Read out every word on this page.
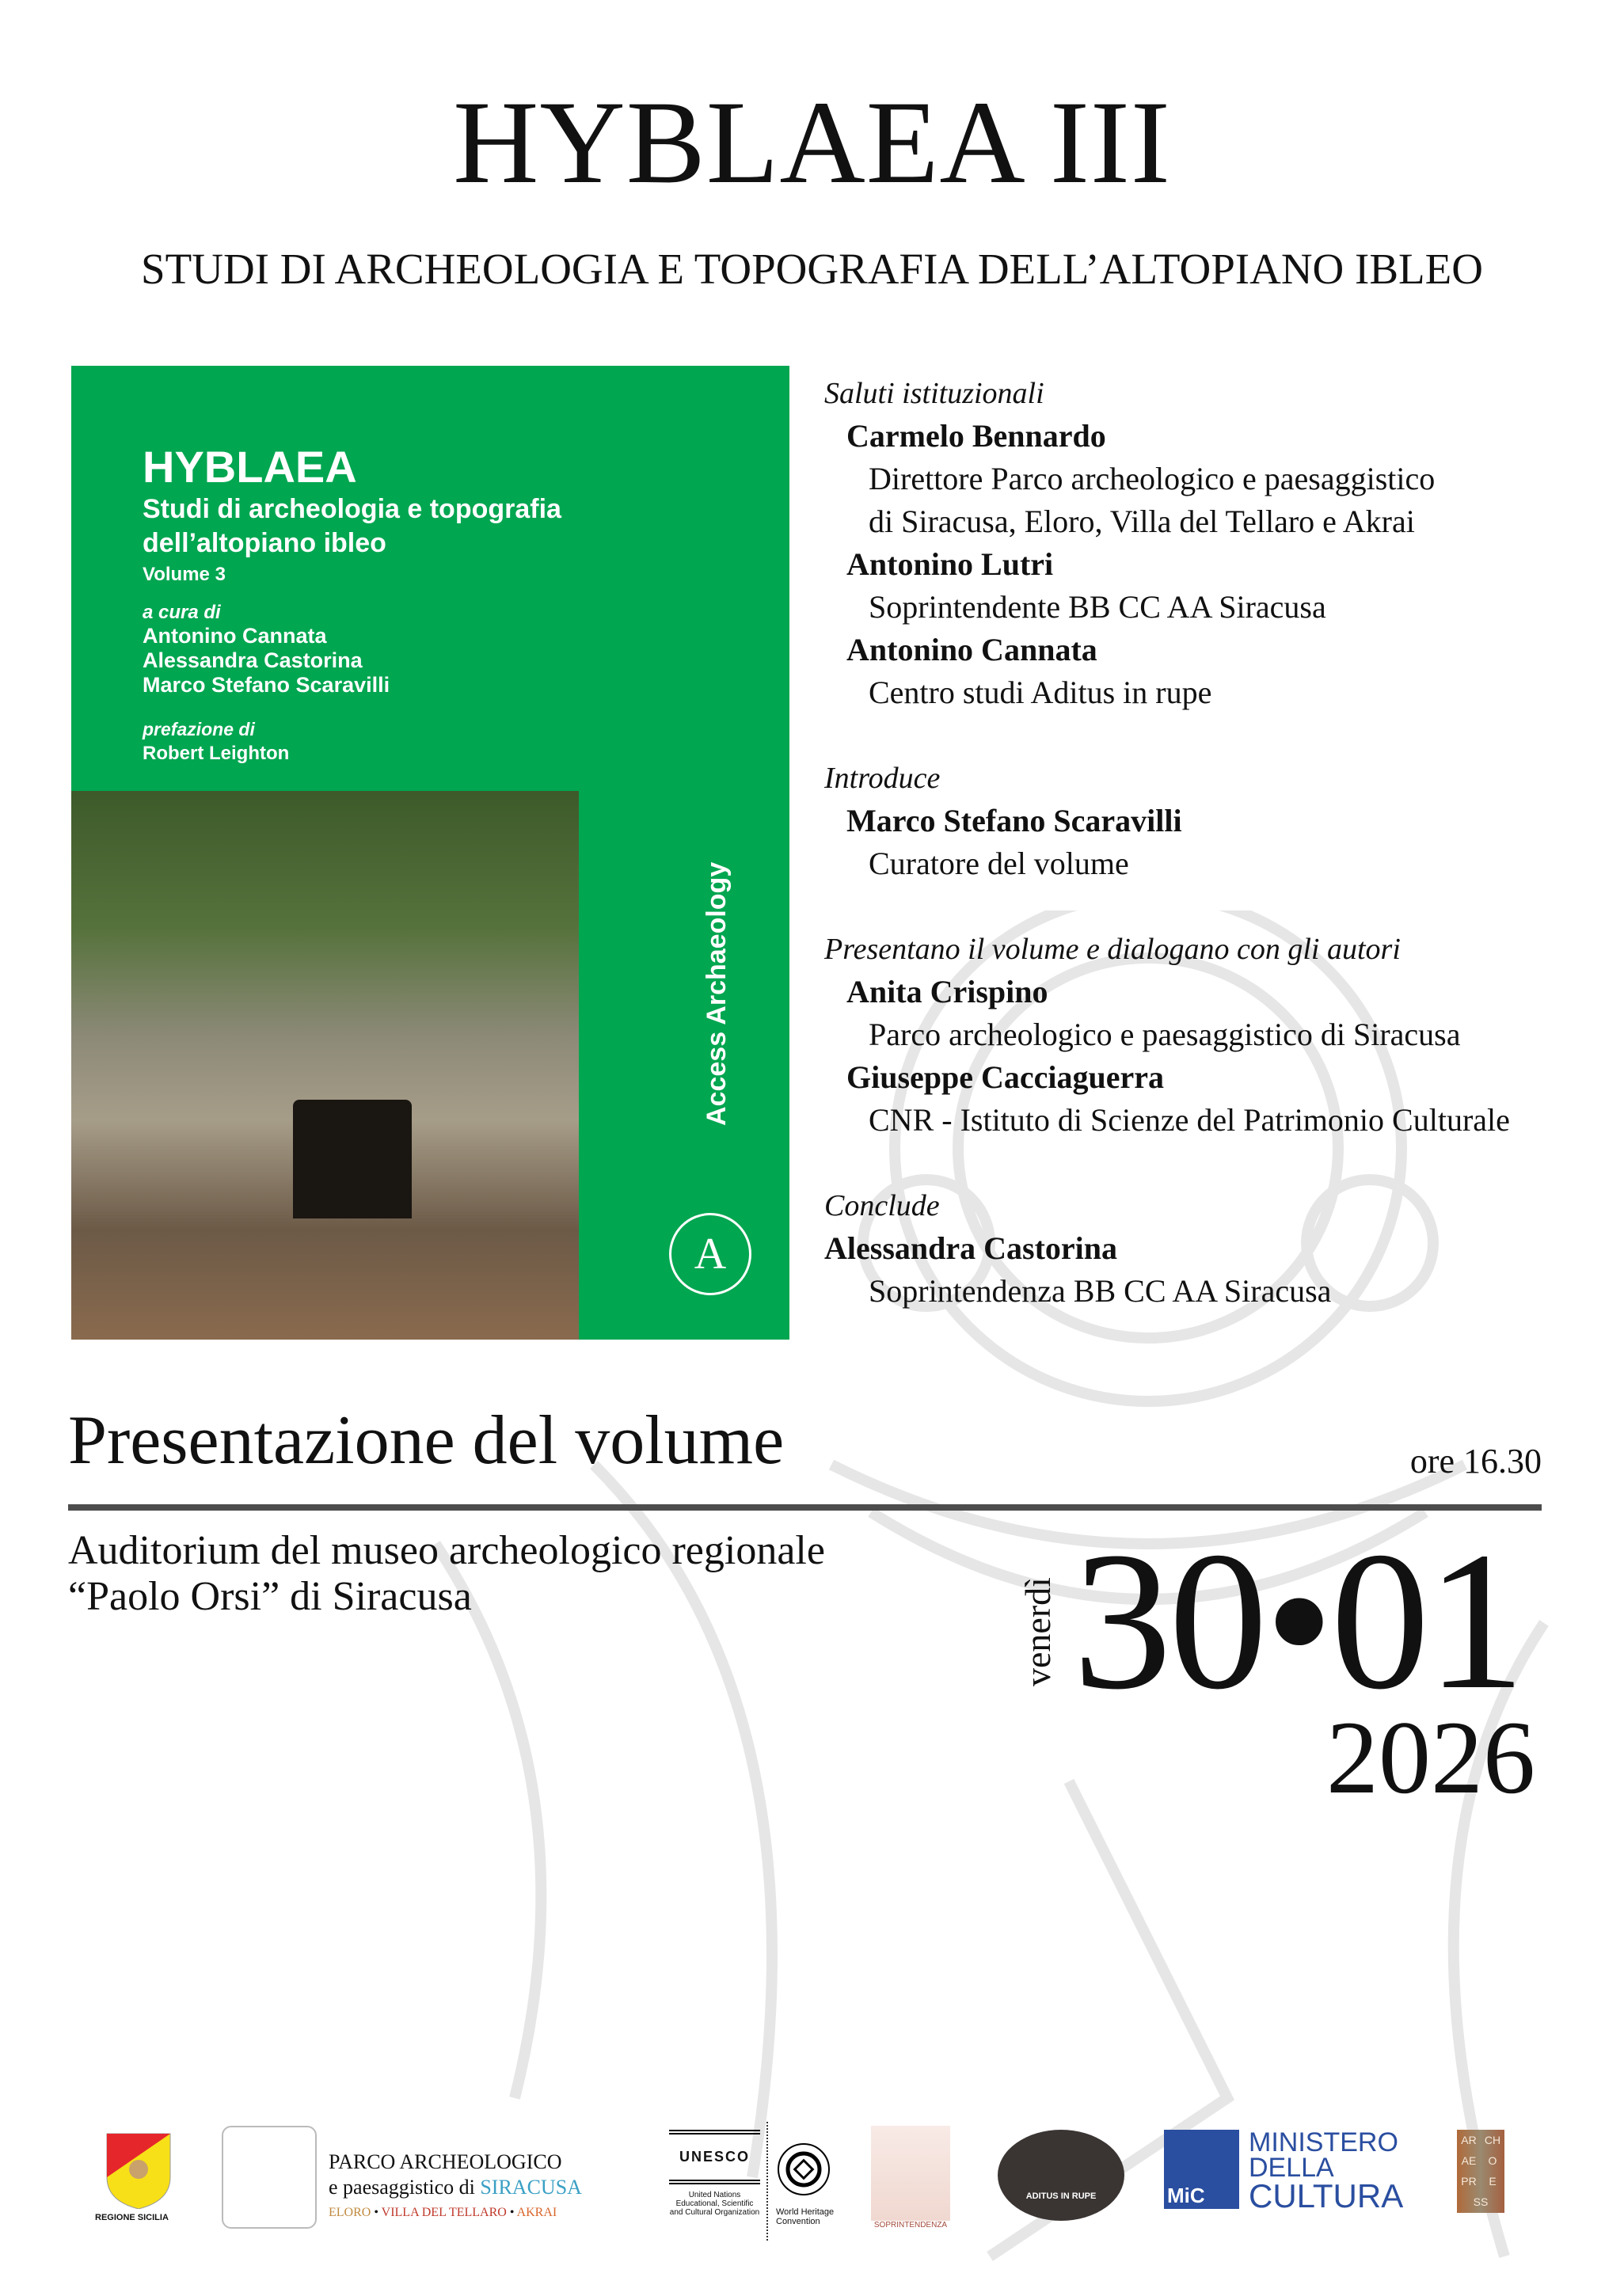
HYBLAEA III
STUDI DI ARCHEOLOGIA E TOPOGRAFIA DELL’ALTOPIANO IBLEO
HYBLAEA
Studi di archeologia e topografia
dell’altopiano ibleo
Volume 3
a cura di
Antonino Cannata
Alessandra Castorina
Marco Stefano Scaravilli
prefazione di
Robert Leighton
Access Archaeology
A
Saluti istituzionali
Carmelo Bennardo
Direttore Parco archeologico e paesaggistico
di Siracusa, Eloro, Villa del Tellaro e Akrai
Antonino Lutri
Soprintendente BB CC AA Siracusa
Antonino Cannata
Centro studi Aditus in rupe
Introduce
Marco Stefano Scaravilli
Curatore del volume
Presentano il volume e dialogano con gli autori
Anita Crispino
Parco archeologico e paesaggistico di Siracusa
Giuseppe Cacciaguerra
CNR - Istituto di Scienze del Patrimonio Culturale
Conclude
Alessandra Castorina
Soprintendenza BB CC AA Siracusa
Presentazione del volume	ore 16.30
Auditorium del museo archeologico regionale
“Paolo Orsi” di Siracusa	venerdì 30•01
2026
REGIONE SICILIA
PARCO ARCHEOLOGICO
e paesaggistico di SIRACUSA
ELORO • VILLA DEL TELLARO • AKRAI
UNESCO
United Nations Educational, Scientific and Cultural Organization World Heritage Convention	SOPRINTENDENZA
ADITUS IN RUPE	MiC
MINISTERO
DELLA
CULTURA
AR CHAE OPR ESS
